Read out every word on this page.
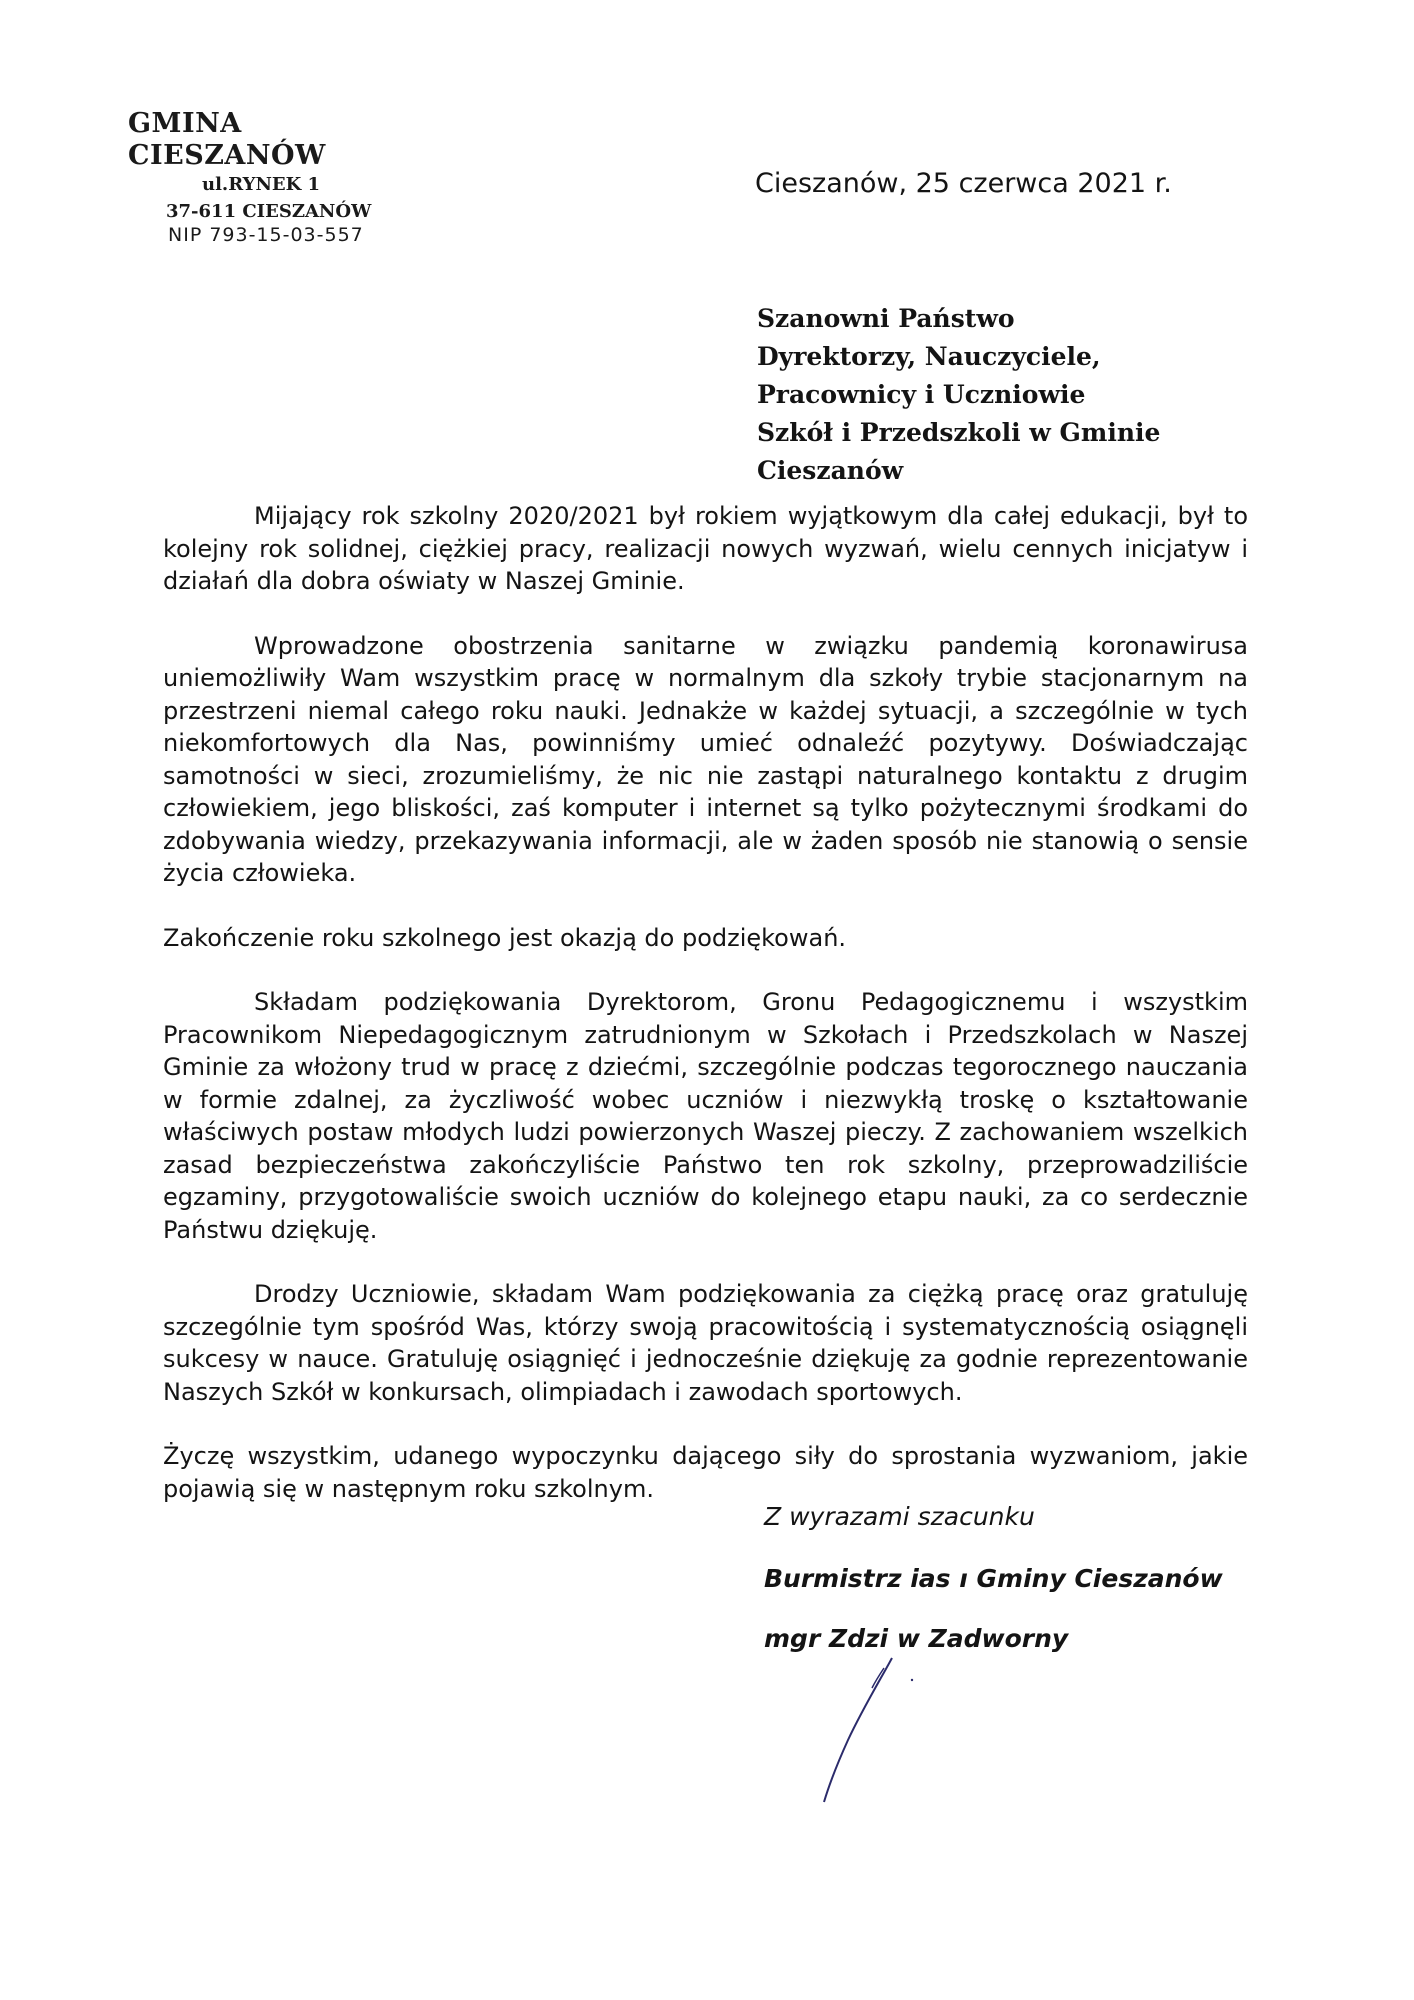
GMINA CIESZANÓW
ul.RYNEK 1
37-611 CIESZANÓW
NIP 793-15-03-557
Cieszanów, 25 czerwca 2021 r.
Szanowni Państwo
Dyrektorzy, Nauczyciele,
Pracownicy i Uczniowie
Szkół i Przedszkoli w Gminie
Cieszanów

Mijający rok szkolny 2020/2021 był rokiem wyjątkowym dla całej edukacji, był to kolejny rok solidnej, ciężkiej pracy, realizacji nowych wyzwań, wielu cennych inicjatyw i działań dla dobra oświaty w Naszej Gminie.

Wprowadzone obostrzenia sanitarne w związku pandemią koronawirusa uniemożliwiły Wam wszystkim pracę w normalnym dla szkoły trybie stacjonarnym na przestrzeni niemal całego roku nauki. Jednakże w każdej sytuacji, a szczególnie w tych niekomfortowych dla Nas, powinniśmy umieć odnaleźć pozytywy. Doświadczając samotności w sieci, zrozumieliśmy, że nic nie zastąpi naturalnego kontaktu z drugim człowiekiem, jego bliskości, zaś komputer i internet są tylko pożytecznymi środkami do zdobywania wiedzy, przekazywania informacji, ale w żaden sposób nie stanowią o sensie życia człowieka.

Zakończenie roku szkolnego jest okazją do podziękowań.

Składam podziękowania Dyrektorom, Gronu Pedagogicznemu i wszystkim Pracownikom Niepedagogicznym zatrudnionym w Szkołach i Przedszkolach w Naszej Gminie za włożony trud w pracę z dziećmi, szczególnie podczas tegorocznego nauczania w formie zdalnej, za życzliwość wobec uczniów i niezwykłą troskę o kształtowanie właściwych postaw młodych ludzi powierzonych Waszej pieczy. Z zachowaniem wszelkich zasad bezpieczeństwa zakończyliście Państwo ten rok szkolny, przeprowadziliście egzaminy, przygotowaliście swoich uczniów do kolejnego etapu nauki, za co serdecznie Państwu dziękuję.

Drodzy Uczniowie, składam Wam podziękowania za ciężką pracę oraz gratuluję szczególnie tym spośród Was, którzy swoją pracowitością i systematycznością osiągnęli sukcesy w nauce. Gratuluję osiągnięć i jednocześnie dziękuję za godnie reprezentowanie Naszych Szkół w konkursach, olimpiadach i zawodach sportowych.

Życzę wszystkim, udanego wypoczynku dającego siły do sprostania wyzwaniom, jakie pojawią się w następnym roku szkolnym.

Z wyrazami szacunku
Burmistrz ias ı Gminy Cieszanów
mgr Zdzi w Zadworny
